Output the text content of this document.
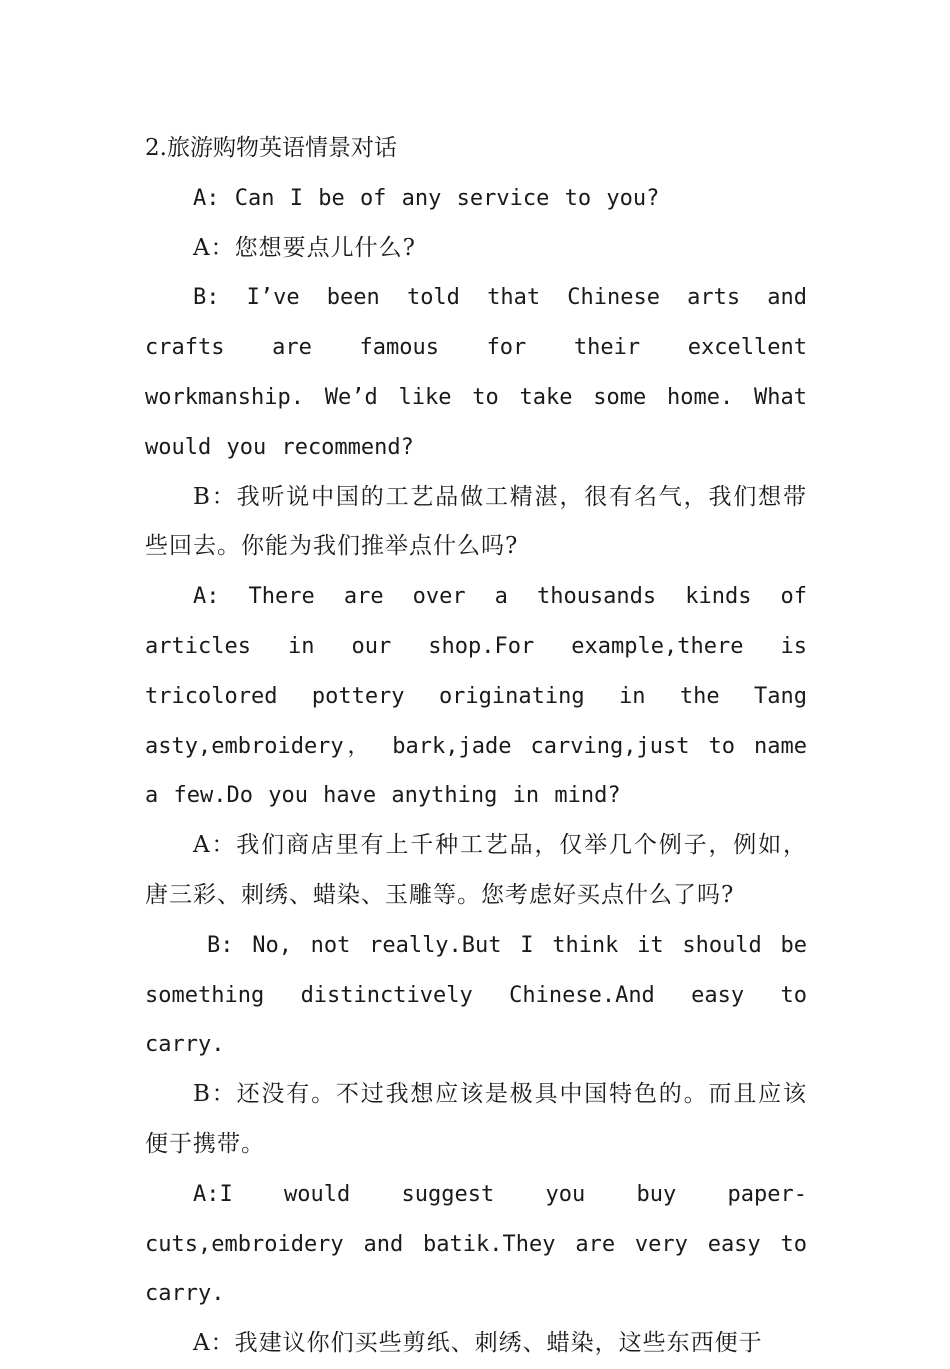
2.旅游购物英语情景对话

A: Can I be of any service to you?

A：您想要点儿什么?

B: I’ve been told that Chinese arts and crafts are famous for their excellent workmanship. We’d like to take some home. What would you recommend?

B：我听说中国的工艺品做工精湛，很有名气，我们想带些回去。你能为我们推举点什么吗?

A: There are over a thousands kinds of articles in our shop.For example,there is tricolored pottery originating in the Tang asty,embroidery， bark,jade carving,just to name a few.Do you have anything in mind?

A：我们商店里有上千种工艺品，仅举几个例子，例如，唐三彩、刺绣、蜡染、玉雕等。您考虑好买点什么了吗?

B: No, not really.But I think it should be something distinctively Chinese.And easy to carry.

B：还没有。不过我想应该是极具中国特色的。而且应该便于携带。

A:I would suggest you buy paper-cuts,embroidery and batik.They are very easy to carry.

A：我建议你们买些剪纸、刺绣、蜡染，这些东西便于
